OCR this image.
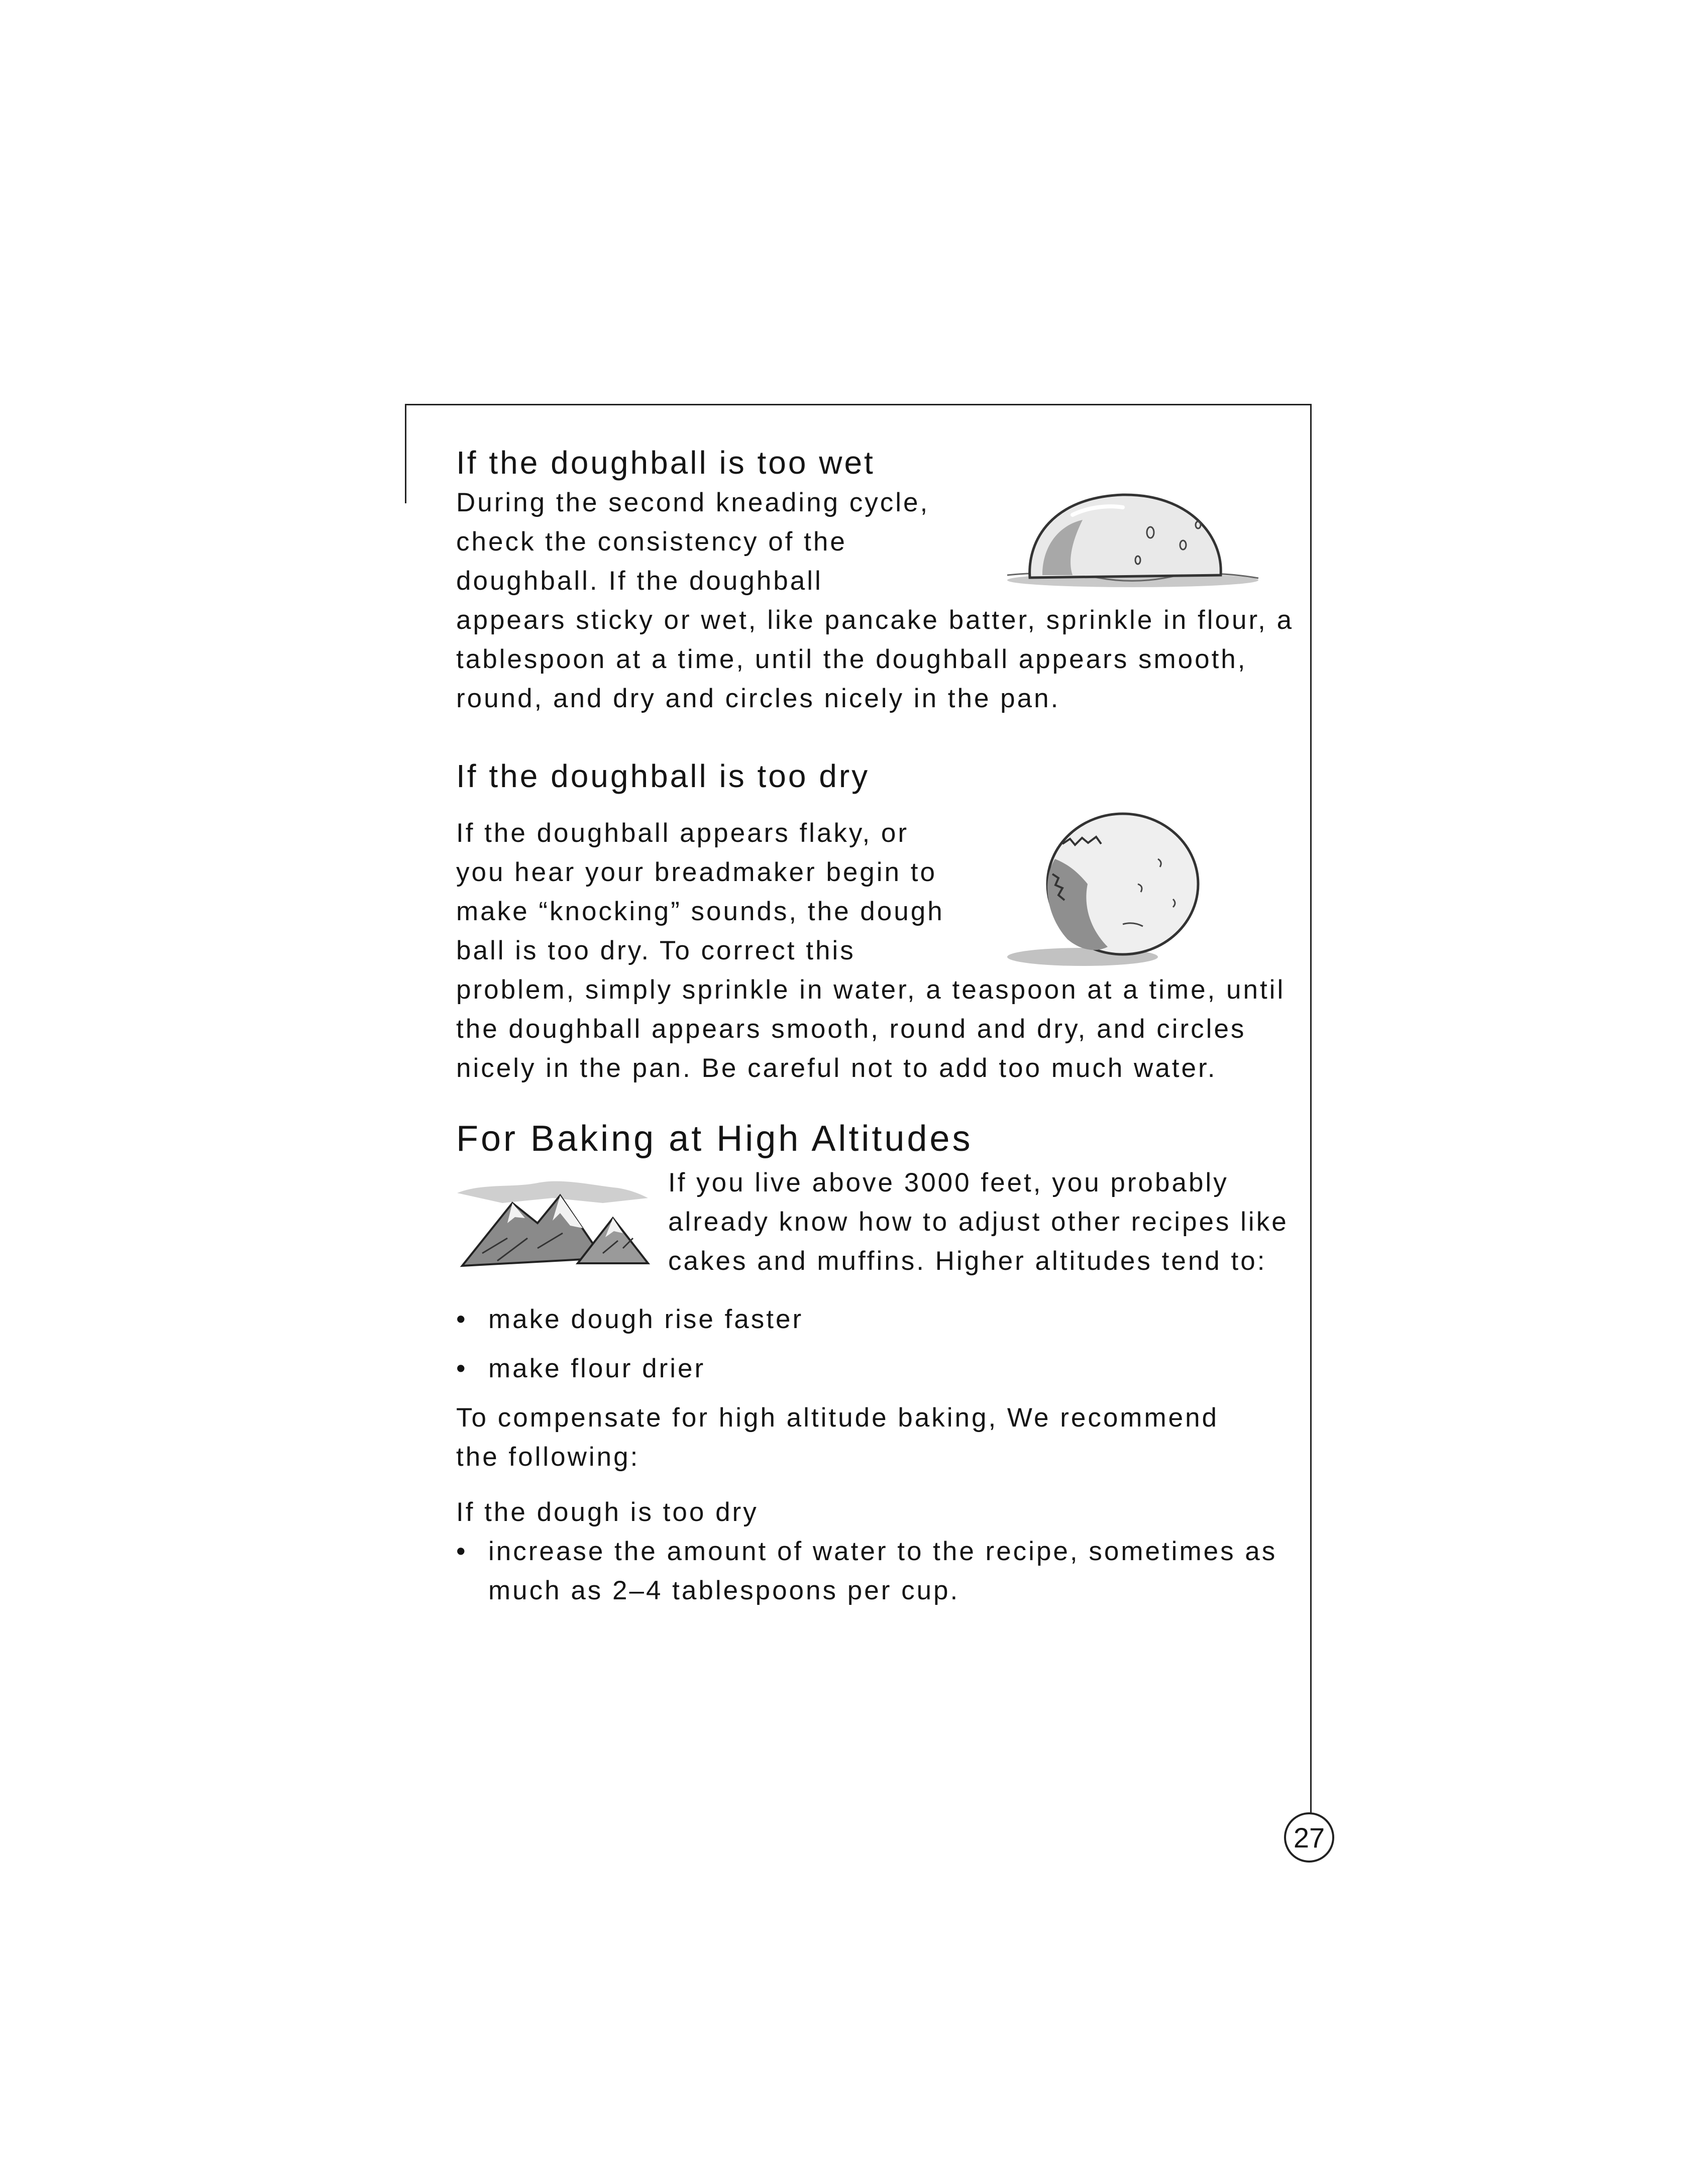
If the doughball is too wet
During the second kneading cycle,
check the consistency of the
doughball. If the doughball
appears sticky or wet, like pancake batter, sprinkle in flour, a
tablespoon at a time, until the doughball appears smooth,
round, and dry and circles nicely in the pan.
If the doughball is too dry
If the doughball appears flaky, or
you hear your breadmaker begin to
make “knocking” sounds, the dough
ball is too dry. To correct this
problem, simply sprinkle in water, a teaspoon at a time, until
the doughball appears smooth, round and dry, and circles
nicely in the pan. Be careful not to add too much water.
For Baking at High Altitudes
If you live above 3000 feet, you probably
already know how to adjust other recipes like
cakes and muffins. Higher altitudes tend to:
• make dough rise faster
• make flour drier
To compensate for high altitude baking, We recommend
the following:
If the dough is too dry
• increase the amount of water to the recipe, sometimes as
much as 2–4 tablespoons per cup.
27
